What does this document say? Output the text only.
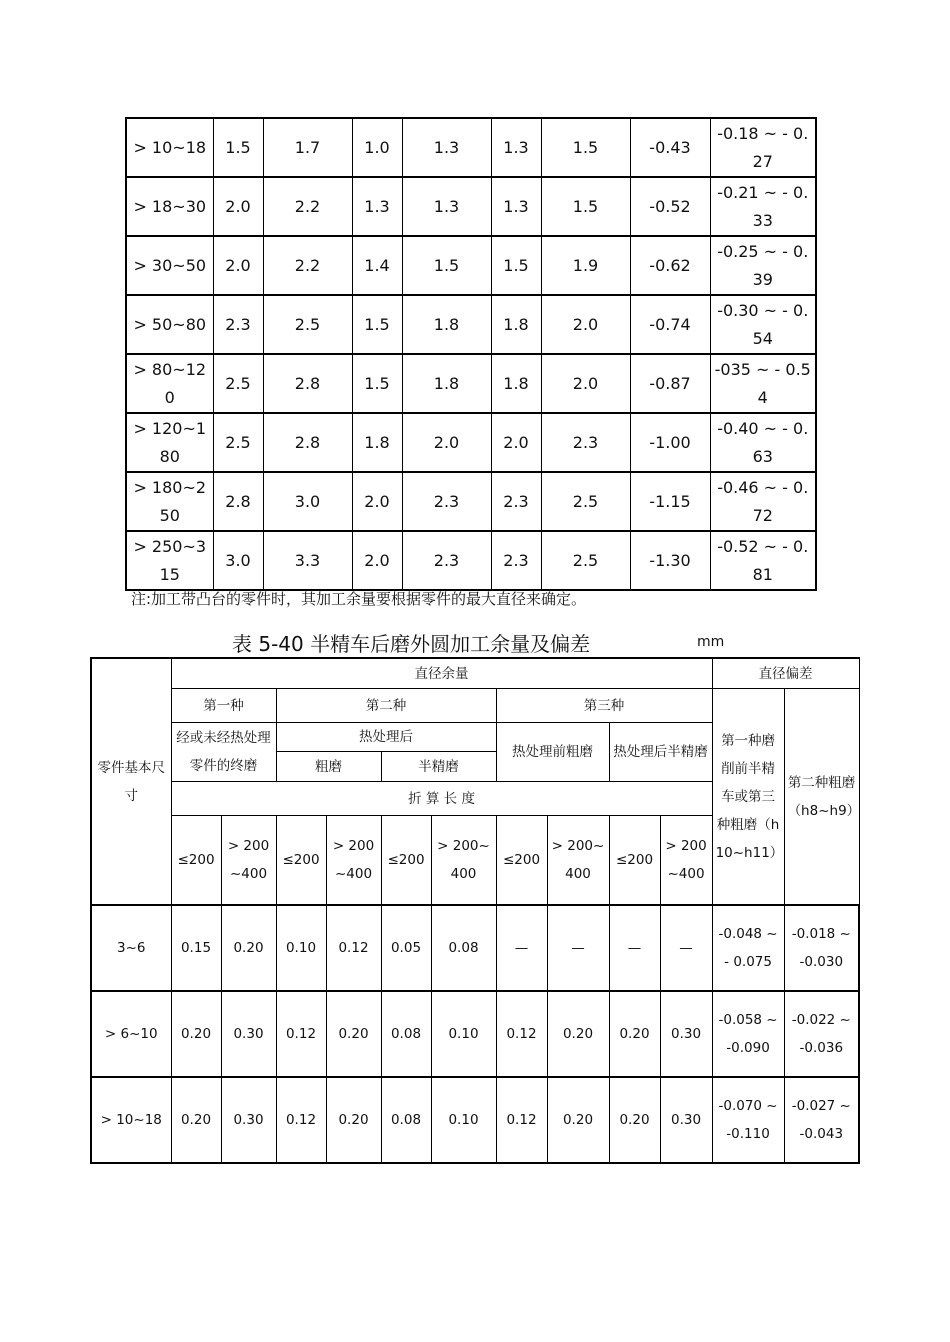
> 10~18	1.5	1.7	1.0	1.3	1.3	1.5	-0.43	-0.18 ~ - 0.27
> 18~30	2.0	2.2	1.3	1.3	1.3	1.5	-0.52	-0.21 ~ - 0.33
> 30~50	2.0	2.2	1.4	1.5	1.5	1.9	-0.62	-0.25 ~ - 0.39
> 50~80	2.3	2.5	1.5	1.8	1.8	2.0	-0.74	-0.30 ~ - 0.54
> 80~12 0	2.5	2.8	1.5	1.8	1.8	2.0	-0.87	-035 ~ - 0.54
> 120~1 80	2.5	2.8	1.8	2.0	2.0	2.3	-1.00	-0.40 ~ - 0.63
> 180~2 50	2.8	3.0	2.0	2.3	2.3	2.5	-1.15	-0.46 ~ - 0.72
> 250~3 15	3.0	3.3	2.0	2.3	2.3	2.5	-1.30	-0.52 ~ - 0.81
注:加工带凸台的零件时，其加工余量要根据零件的最大直径来确定。
表 5-40 半精车后磨外圆加工余量及偏差	mm
零件基本尺寸	直径余量										直径偏差	
	第一种		第二种				第三种				第一种磨削前半精车或第三种粗磨（h10~h11）	第二种粗磨（h8~h9）
	经或未经热处理零件的终磨		热处理后				热处理前粗磨		热处理后半精磨			
			粗磨		半精磨							
	折 算 长 度											
	≤200	> 200~400	≤200	> 200~400	≤200	> 200~400	≤200	> 200~400	≤200	> 200~400		
3~6	0.15	0.20	0.10	0.12	0.05	0.08	—	—	—	—	-0.048 ~ - 0.075	-0.018 ~ -0.030
> 6~10	0.20	0.30	0.12	0.20	0.08	0.10	0.12	0.20	0.20	0.30	-0.058 ~ -0.090	-0.022 ~ -0.036
> 10~18	0.20	0.30	0.12	0.20	0.08	0.10	0.12	0.20	0.20	0.30	-0.070 ~ -0.110	-0.027 ~ -0.043
